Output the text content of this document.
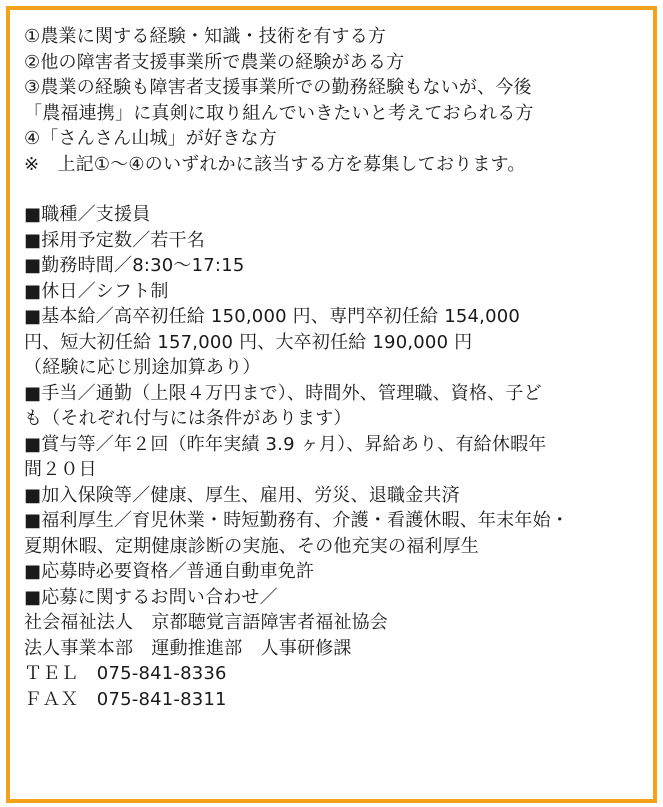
①農業に関する経験・知識・技術を有する方
②他の障害者支援事業所で農業の経験がある方
③農業の経験も障害者支援事業所での勤務経験もないが、今後
「農福連携」に真剣に取り組んでいきたいと考えておられる方
④「さんさん山城」が好きな方
※　上記①～④のいずれかに該当する方を募集しております。
■職種／支援員
■採用予定数／若干名
■勤務時間／8:30～17:15
■休日／シフト制
■基本給／高卒初任給 150,000 円、専門卒初任給 154,000
円、短大初任給 157,000 円、大卒初任給 190,000 円
（経験に応じ別途加算あり）
■手当／通勤（上限４万円まで）、時間外、管理職、資格、子ど
も（それぞれ付与には条件があります）
■賞与等／年２回（昨年実績 3.9 ヶ月）、昇給あり、有給休暇年
間２０日
■加入保険等／健康、厚生、雇用、労災、退職金共済
■福利厚生／育児休業・時短勤務有、介護・看護休暇、年末年始・
夏期休暇、定期健康診断の実施、その他充実の福利厚生
■応募時必要資格／普通自動車免許
■応募に関するお問い合わせ／
社会福祉法人　京都聴覚言語障害者福祉協会
法人事業本部　運動推進部　人事研修課
ＴＥＬ　075-841-8336
ＦＡＸ　075-841-8311
